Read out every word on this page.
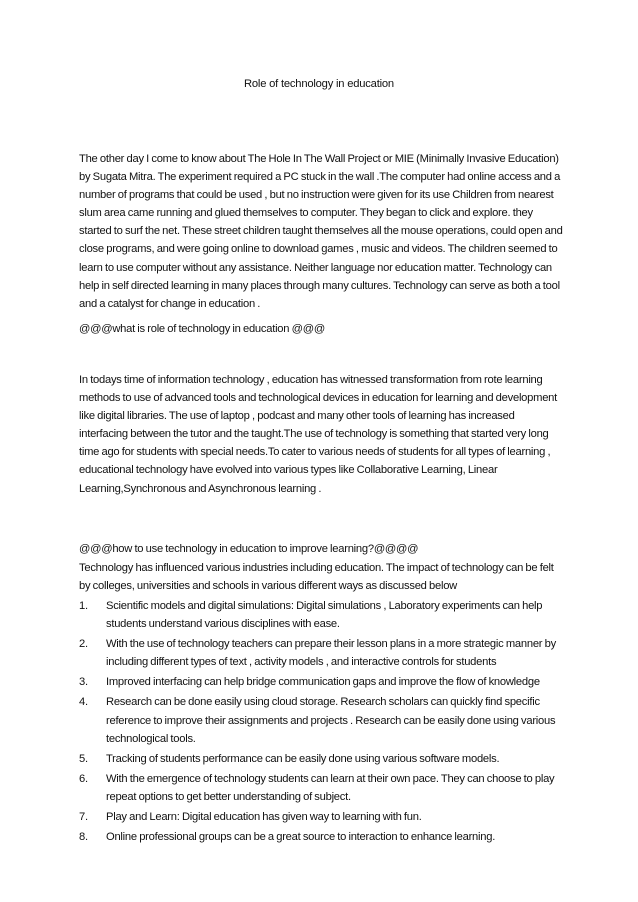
Role of technology in education

The other day I come to know about The Hole In The Wall Project or MIE (Minimally Invasive Education) by Sugata Mitra. The experiment required a PC stuck in the wall .The computer had online access and a number of programs that could be used , but no instruction were given for its use Children from nearest slum area came running and glued themselves to computer. They began to click and explore. they started to surf the net. These street children taught themselves all the mouse operations, could open and close programs, and were going online to download games , music and videos. The children seemed to learn to use computer without any assistance. Neither language nor education matter. Technology can help in self directed learning in many places through many cultures. Technology can serve as both a tool and a catalyst for change in education .

@@@what is role of technology in education @@@

In todays time of information technology , education has witnessed transformation from rote learning methods to use of advanced tools and technological devices in education for learning and development like digital libraries. The use of laptop , podcast and many other tools of learning has increased interfacing between the tutor and the taught.The use of technology is something that started very long time ago for students with special needs.To cater to various needs of students for all types of learning , educational technology have evolved into various types like Collaborative Learning, Linear Learning,Synchronous and Asynchronous learning .

@@@how to use technology in education to improve learning?@@@@

Technology has influenced various industries including education. The impact of technology can be felt by colleges, universities and schools in various different ways as discussed below

1.	Scientific models and digital simulations: Digital simulations , Laboratory experiments can help students understand various disciplines with ease.
2.	With the use of technology teachers can prepare their lesson plans in a more strategic manner by including different types of text , activity models , and interactive controls for students
3.	Improved interfacing can help bridge communication gaps and improve the flow of knowledge
4.	Research can be done easily using cloud storage. Research scholars can quickly find specific reference to improve their assignments and projects . Research can be easily done using various technological tools.
5.	Tracking of students performance can be easily done using various software models.
6.	With the emergence of technology students can learn at their own pace. They can choose to play repeat options to get better understanding of subject.
7.	Play and Learn: Digital education has given way to learning with fun.
8.	Online professional groups can be a great source to interaction to enhance learning.
